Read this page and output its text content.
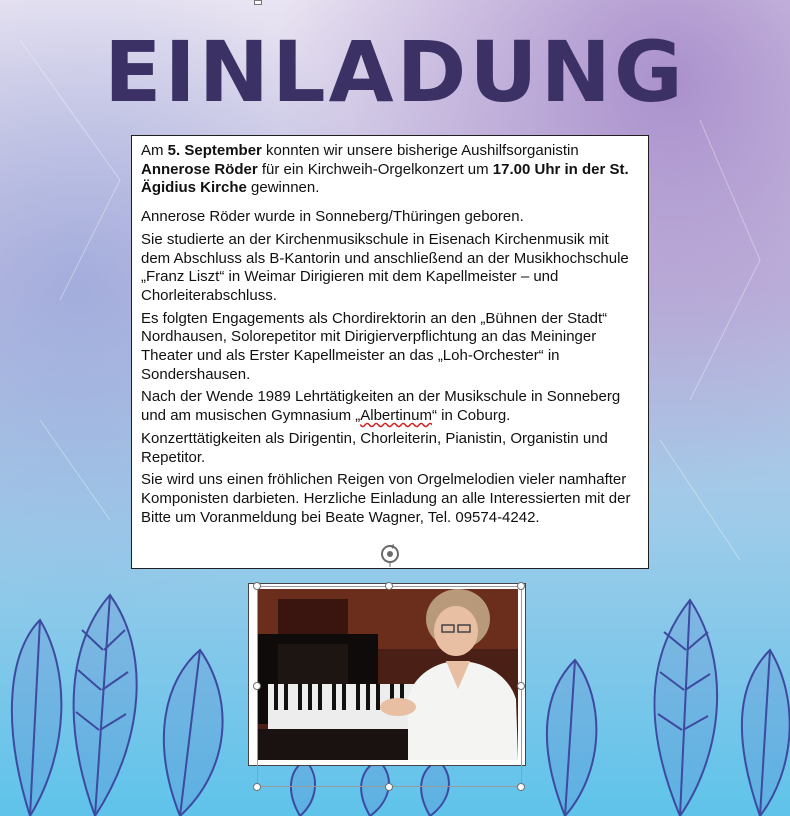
EINLADUNG

Am 5. September konnten wir unsere bisherige Aushilfsorganistin Annerose Röder für ein Kirchweih-Orgelkonzert um 17.00 Uhr in der St. Ägidius Kirche gewinnen.

Annerose Röder wurde in Sonneberg/Thüringen geboren.

Sie studierte an der Kirchenmusikschule in Eisenach Kirchenmusik mit dem Abschluss als B-Kantorin und anschließend an der Musikhochschule „Franz Liszt“ in Weimar Dirigieren mit dem Kapellmeister – und Chorleiterabschluss.

Es folgten Engagements als Chordirektorin an den „Bühnen der Stadt“ Nordhausen, Solorepetitor mit Dirigierverpflichtung an das Meininger Theater und als Erster Kapellmeister an das „Loh-Orchester“ in Sondershausen.

Nach der Wende 1989 Lehrtätigkeiten an der Musikschule in Sonneberg und am musischen Gymnasium „Albertinum“ in Coburg.

Konzerttätigkeiten als Dirigentin, Chorleiterin, Pianistin, Organistin und Repetitor.

Sie wird uns einen fröhlichen Reigen von Orgelmelodien vieler namhafter Komponisten darbieten. Herzliche Einladung an alle Interessierten mit der Bitte um Voranmeldung bei Beate Wagner, Tel. 09574-4242.
